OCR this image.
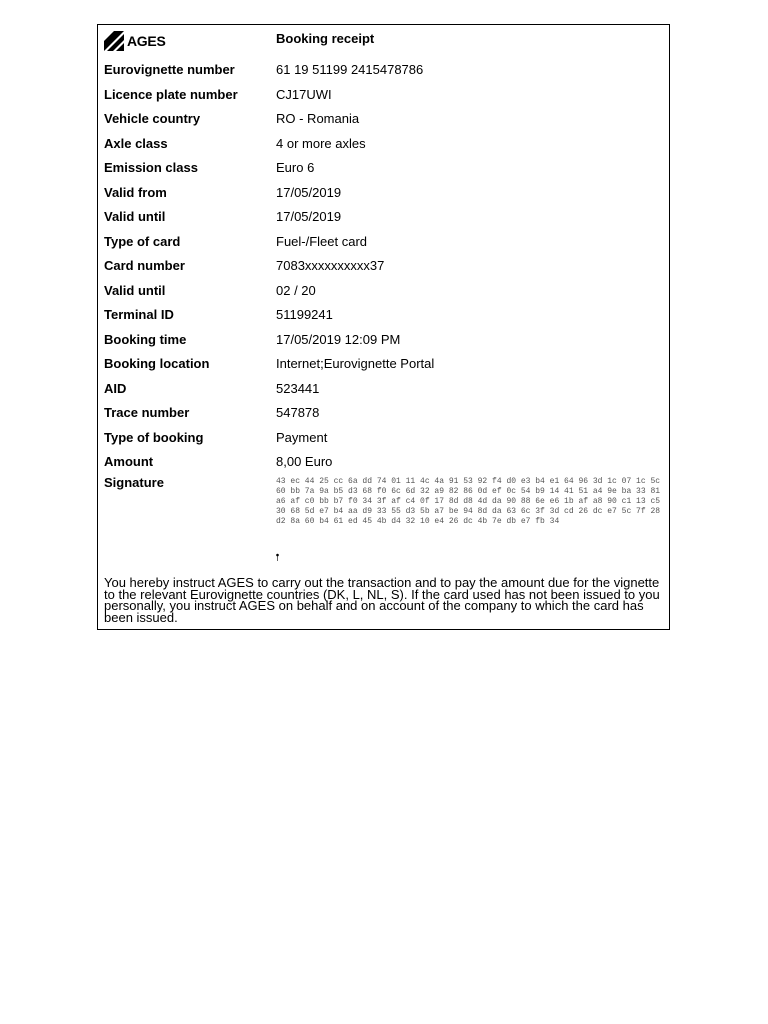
AGES	Booking receipt
Eurovignette number	61 19 51199 2415478786
Licence plate number	CJ17UWI
Vehicle country	RO - Romania
Axle class	4 or more axles
Emission class	Euro 6
Valid from	17/05/2019
Valid until	17/05/2019
Type of card	Fuel-/Fleet card
Card number	7083xxxxxxxxxx37
Valid until	02 / 20
Terminal ID	51199241
Booking time	17/05/2019 12:09 PM
Booking location	Internet;Eurovignette Portal
AID	523441
Trace number	547878
Type of booking	Payment
Amount	8,00 Euro
Signature	43 ec 44 25 cc 6a dd 74 01 11 4c 4a 91 53 92 f4 d0 e3 b4 e1 64 96 3d 1c 07 1c 5c 60 bb 7a 9a b5 d3 68 f0 6c 6d 32 a9 82 86 0d ef 0c 54 b9 14 41 51 a4 9e ba 33 81 a6 af c0 bb b7 f0 34 3f af c4 0f 17 8d d8 4d da 90 88 6e e6 1b af a8 90 c1 13 c5 30 68 5d e7 b4 aa d9 33 55 d3 5b a7 be 94 8d da 63 6c 3f 3d cd 26 dc e7 5c 7f 28 d2 8a 60 b4 61 ed 45 4b d4 32 10 e4 26 dc 4b 7e db e7 fb 34
You hereby instruct AGES to carry out the transaction and to pay the amount due for the vignette to the relevant Eurovignette countries (DK, L, NL, S). If the card used has not been issued to you personally, you instruct AGES on behalf and on account of the company to which the card has been issued.
